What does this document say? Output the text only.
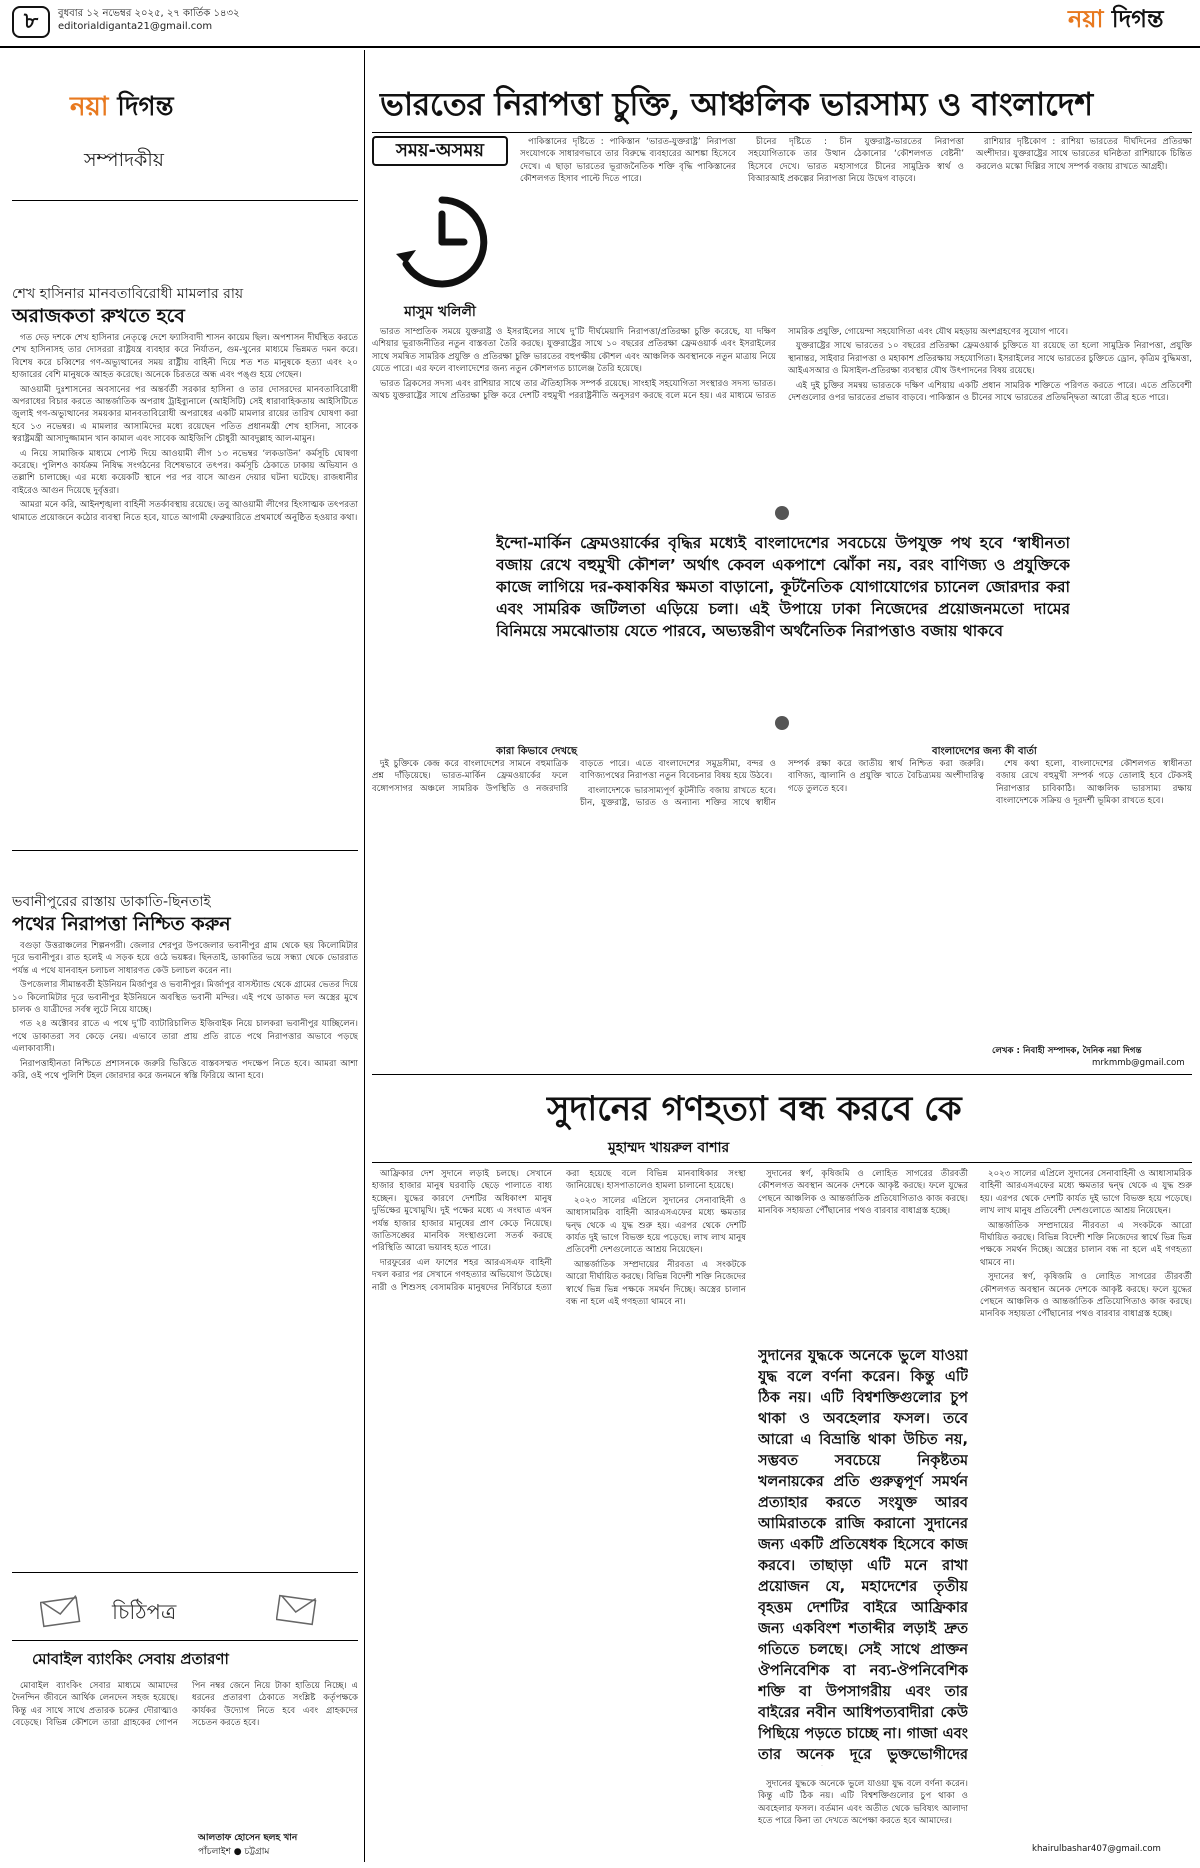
৮	বুধবার ১২ নভেম্বর ২০২৫, ২৭ কার্তিক ১৪৩২
editorialdiganta21@gmail.com	নয়া দিগন্ত
নয়া দিগন্ত
সম্পাদকীয়
শেখ হাসিনার মানবতাবিরোধী মামলার রায়
অরাজকতা রুখতে হবে

গত দেড় দশকে শেখ হাসিনার নেতৃত্বে দেশে ফ্যাসিবাদী শাসন কায়েম ছিল। অপশাসন দীর্ঘস্থিত করতে শেখ হাসিনাসহ তার দোসররা রাষ্ট্রযন্ত্র ব্যবহার করে নির্যাতন, গুম-খুনের মাধ্যমে ভিন্নমত দমন করে। বিশেষ করে চব্বিশের গণ-অভ্যুত্থানের সময় রাষ্ট্রীয় বাহিনী দিয়ে শত শত মানুষকে হত্যা এবং ২০ হাজারের বেশি মানুষকে আহত করেছে। অনেকে চিরতরে অন্ধ এবং পঙ্গু হয়ে গেছেন।

আওয়ামী দুঃশাসনের অবসানের পর অন্তর্বর্তী সরকার হাসিনা ও তার দোসরদের মানবতাবিরোধী অপরাধের বিচার করতে আন্তর্জাতিক অপরাধ ট্রাইব্যুনালে (আইসিটি) সেই ধারাবাহিকতায় আইসিটিতে জুলাই গণ-অভ্যুত্থানের সময়কার মানবতাবিরোধী অপরাধের একটি মামলার রায়ের তারিখ ঘোষণা করা হবে ১৩ নভেম্বর। এ মামলার আসামিদের মধ্যে রয়েছেন পতিত প্রধানমন্ত্রী শেখ হাসিনা, সাবেক স্বরাষ্ট্রমন্ত্রী আসাদুজ্জামান খান কামাল এবং সাবেক আইজিপি চৌধুরী আবদুল্লাহ আল-মামুন।

এ নিয়ে সামাজিক মাধ্যমে পোস্ট দিয়ে আওয়ামী লীগ ১৩ নভেম্বর ‘লকডাউন’ কর্মসূচি ঘোষণা করেছে। পুলিশও কার্যক্রম নিষিদ্ধ সংগঠনের বিশেষভাবে তৎপর। কর্মসূচি ঠেকাতে ঢাকায় অভিযান ও তল্লাশি চালাচ্ছে। এর মধ্যে কয়েকটি স্থানে পর পর বাসে আগুন দেয়ার ঘটনা ঘটেছে। রাজধানীর বাইরেও আগুন দিয়েছে দুর্বৃত্তরা।

আমরা মনে করি, আইনশৃঙ্খলা বাহিনী সতর্কাবস্থায় রয়েছে। তবু আওয়ামী লীগের হিংসাত্মক তৎপরতা থামাতে প্রয়োজনে কঠোর ব্যবস্থা নিতে হবে, যাতে আগামী ফেব্রুয়ারিতে প্রথমার্ধে অনুষ্ঠিত হওয়ার কথা।

ভবানীপুরের রাস্তায় ডাকাতি-ছিনতাই
পথের নিরাপত্তা নিশ্চিত করুন

বগুড়া উত্তরাঞ্চলের শিল্পনগরী। জেলার শেরপুর উপজেলার ভবানীপুর গ্রাম থেকে ছয় কিলোমিটার দূরে ভবানীপুর। রাত হলেই এ সড়ক হয়ে ওঠে ভয়ঙ্কর। ছিনতাই, ডাকাতির ভয়ে সন্ধ্যা থেকে ভোররাত পর্যন্ত এ পথে যানবাহন চলাচল সাধারণত কেউ চলাচল করেন না।

উপজেলার সীমান্তবর্তী ইউনিয়ন মির্জাপুর ও ভবানীপুর। মির্জাপুর বাসস্ট্যান্ড থেকে গ্রামের ভেতর দিয়ে ১০ কিলোমিটার দূরে ভবানীপুর ইউনিয়নে অবস্থিত ভবানী মন্দির। এই পথে ডাকাত দল অস্ত্রের মুখে চালক ও যাত্রীদের সর্বস্ব লুটে নিয়ে যাচ্ছে।

গত ২৪ অক্টোবর রাতে এ পথে দু’টি ব্যাটারিচালিত ইজিবাইক নিয়ে চালকরা ভবানীপুর যাচ্ছিলেন। পথে ডাকাতরা সব কেড়ে নেয়। এভাবে তারা প্রায় প্রতি রাতে পথে নিরাপত্তার অভাবে পড়ছে এলাকাবাসী।

নিরাপত্তাহীনতা নিশ্চিতে প্রশাসনকে জরুরি ভিত্তিতে বাস্তবসম্মত পদক্ষেপ নিতে হবে। আমরা আশা করি, ওই পথে পুলিশি টহল জোরদার করে জনমনে স্বস্তি ফিরিয়ে আনা হবে।

চিঠিপত্র
মোবাইল ব্যাংকিং সেবায় প্রতারণা

মোবাইল ব্যাংকিং সেবার মাধ্যমে আমাদের দৈনন্দিন জীবনে আর্থিক লেনদেন সহজ হয়েছে। কিন্তু এর সাথে সাথে প্রতারক চক্রের দৌরাত্ম্যও বেড়েছে। বিভিন্ন কৌশলে তারা গ্রাহকের গোপন পিন নম্বর জেনে নিয়ে টাকা হাতিয়ে নিচ্ছে। এ ধরনের প্রতারণা ঠেকাতে সংশ্লিষ্ট কর্তৃপক্ষকে কার্যকর উদ্যোগ নিতে হবে এবং গ্রাহকদের সচেতন করতে হবে।

আলতাফ হোসেন ছলহ খান
পাঁচলাইশ ● চট্টগ্রাম
ভারতের নিরাপত্তা চুক্তি, আঞ্চলিক ভারসাম্য ও বাংলাদেশ
সময়-অসময়
মাসুম খলিলী

ভারত সাম্প্রতিক সময়ে যুক্তরাষ্ট্র ও ইসরাইলের সাথে দু’টি দীর্ঘমেয়াদি নিরাপত্তা/প্রতিরক্ষা চুক্তি করেছে, যা দক্ষিণ এশিয়ার ভূরাজনীতির নতুন বাস্তবতা তৈরি করছে। যুক্তরাষ্ট্রের সাথে ১০ বছরের প্রতিরক্ষা ফ্রেমওয়ার্ক এবং ইসরাইলের সাথে সমন্বিত সামরিক প্রযুক্তি ও প্রতিরক্ষা চুক্তি ভারতের বহুপক্ষীয় কৌশল এবং আঞ্চলিক অবস্থানকে নতুন মাত্রায় নিয়ে যেতে পারে। এর ফলে বাংলাদেশের জন্য নতুন কৌশলগত চ্যালেঞ্জ তৈরি হয়েছে।

ভারত ব্রিকসের সদস্য এবং রাশিয়ার সাথে তার ঐতিহাসিক সম্পর্ক রয়েছে। সাংহাই সহযোগিতা সংস্থারও সদস্য ভারত। অথচ যুক্তরাষ্ট্রের সাথে প্রতিরক্ষা চুক্তি করে দেশটি বহুমুখী পররাষ্ট্রনীতি অনুসরণ করছে বলে মনে হয়। এর মাধ্যমে ভারত সামরিক প্রযুক্তি, গোয়েন্দা সহযোগিতা এবং যৌথ মহড়ায় অংশগ্রহণের সুযোগ পাবে।

যুক্তরাষ্ট্রের সাথে ভারতের ১০ বছরের প্রতিরক্ষা ফ্রেমওয়ার্ক চুক্তিতে যা রয়েছে তা হলো সামুদ্রিক নিরাপত্তা, প্রযুক্তি স্থানান্তর, সাইবার নিরাপত্তা ও মহাকাশ প্রতিরক্ষায় সহযোগিতা। ইসরাইলের সাথে ভারতের চুক্তিতে ড্রোন, কৃত্রিম বুদ্ধিমত্তা, আইএসআর ও মিসাইল-প্রতিরক্ষা ব্যবস্থার যৌথ উৎপাদনের বিষয় রয়েছে।

এই দুই চুক্তির সমন্বয় ভারতকে দক্ষিণ এশিয়ায় একটি প্রধান সামরিক শক্তিতে পরিণত করতে পারে। এতে প্রতিবেশী দেশগুলোর ওপর ভারতের প্রভাব বাড়বে। পাকিস্তান ও চীনের সাথে ভারতের প্রতিদ্বন্দ্বিতা আরো তীব্র হতে পারে।

পাকিস্তানের দৃষ্টিতে : পাকিস্তান ‘ভারত-যুক্তরাষ্ট্র’ নিরাপত্তা সংযোগকে সাধারণভাবে তার বিরুদ্ধে ব্যবহারের আশঙ্কা হিসেবে দেখে। এ ছাড়া ভারতের ভূরাজনৈতিক শক্তি বৃদ্ধি পাকিস্তানের কৌশলগত হিসাব পাল্টে দিতে পারে।

চীনের দৃষ্টিতে : চীন যুক্তরাষ্ট্র-ভারতের নিরাপত্তা সহযোগিতাকে তার উত্থান ঠেকানোর ‘কৌশলগত বেষ্টনী’ হিসেবে দেখে। ভারত মহাসাগরে চীনের সামুদ্রিক স্বার্থ ও বিআরআই প্রকল্পের নিরাপত্তা নিয়ে উদ্বেগ বাড়বে।

রাশিয়ার দৃষ্টিকোণ : রাশিয়া ভারতের দীর্ঘদিনের প্রতিরক্ষা অংশীদার। যুক্তরাষ্ট্রের সাথে ভারতের ঘনিষ্ঠতা রাশিয়াকে চিন্তিত করলেও মস্কো দিল্লির সাথে সম্পর্ক বজায় রাখতে আগ্রহী।

ইন্দো-মার্কিন ফ্রেমওয়ার্কের বৃদ্ধির মধ্যেই বাংলাদেশের সবচেয়ে উপযুক্ত পথ হবে ‘স্বাধীনতা বজায় রেখে বহুমুখী কৌশল’ অর্থাৎ কেবল একপাশে ঝোঁকা নয়, বরং বাণিজ্য ও প্রযুক্তিকে কাজে লাগিয়ে দর-কষাকষির ক্ষমতা বাড়ানো, কূটনৈতিক যোগাযোগের চ্যানেল জোরদার করা এবং সামরিক জটিলতা এড়িয়ে চলা। এই উপায়ে ঢাকা নিজেদের প্রয়োজনমতো দামের বিনিময়ে সমঝোতায় যেতে পারবে, অভ্যন্তরীণ অর্থনৈতিক নিরাপত্তাও বজায় থাকবে
কারা কিভাবে দেখছে	বাংলাদেশের জন্য কী বার্তা

দুই চুক্তিকে কেন্দ্র করে বাংলাদেশের সামনে বহুমাত্রিক প্রশ্ন দাঁড়িয়েছে। ভারত-মার্কিন ফ্রেমওয়ার্কের ফলে বঙ্গোপসাগর অঞ্চলে সামরিক উপস্থিতি ও নজরদারি বাড়তে পারে। এতে বাংলাদেশের সমুদ্রসীমা, বন্দর ও বাণিজ্যপথের নিরাপত্তা নতুন বিবেচনার বিষয় হয়ে উঠবে।

বাংলাদেশকে ভারসাম্যপূর্ণ কূটনীতি বজায় রাখতে হবে। চীন, যুক্তরাষ্ট্র, ভারত ও অন্যান্য শক্তির সাথে স্বাধীন সম্পর্ক রক্ষা করে জাতীয় স্বার্থ নিশ্চিত করা জরুরি। বাণিজ্য, জ্বালানি ও প্রযুক্তি খাতে বৈচিত্র্যময় অংশীদারিত্ব গড়ে তুলতে হবে।

শেষ কথা হলো, বাংলাদেশের কৌশলগত স্বাধীনতা বজায় রেখে বহুমুখী সম্পর্ক গড়ে তোলাই হবে টেকসই নিরাপত্তার চাবিকাঠি। আঞ্চলিক ভারসাম্য রক্ষায় বাংলাদেশকে সক্রিয় ও দূরদর্শী ভূমিকা রাখতে হবে।

লেখক : নিবাহী সম্পাদক, দৈনিক নয়া দিগন্ত
mrkmmb@gmail.com
সুদানের গণহত্যা বন্ধ করবে কে
মুহাম্মদ খায়রুল বাশার

আফ্রিকার দেশ সুদানে লড়াই চলছে। সেখানে হাজার হাজার মানুষ ঘরবাড়ি ছেড়ে পালাতে বাধ্য হচ্ছেন। যুদ্ধের কারণে দেশটির অধিকাংশ মানুষ দুর্ভিক্ষের মুখোমুখি। দুই পক্ষের মধ্যে এ সংঘাত এখন পর্যন্ত হাজার হাজার মানুষের প্রাণ কেড়ে নিয়েছে। জাতিসঙ্ঘের মানবিক সংস্থাগুলো সতর্ক করছে পরিস্থিতি আরো ভয়াবহ হতে পারে।

দারফুরের এল ফাশের শহর আরএসএফ বাহিনী দখল করার পর সেখানে গণহত্যার অভিযোগ উঠেছে। নারী ও শিশুসহ বেসামরিক মানুষদের নির্বিচারে হত্যা করা হয়েছে বলে বিভিন্ন মানবাধিকার সংস্থা জানিয়েছে। হাসপাতালেও হামলা চালানো হয়েছে।

২০২৩ সালের এপ্রিলে সুদানের সেনাবাহিনী ও আধাসামরিক বাহিনী আরএসএফের মধ্যে ক্ষমতার দ্বন্দ্ব থেকে এ যুদ্ধ শুরু হয়। এরপর থেকে দেশটি কার্যত দুই ভাগে বিভক্ত হয়ে পড়েছে। লাখ লাখ মানুষ প্রতিবেশী দেশগুলোতে আশ্রয় নিয়েছেন।

আন্তর্জাতিক সম্প্রদায়ের নীরবতা এ সংকটকে আরো দীর্ঘায়িত করছে। বিভিন্ন বিদেশী শক্তি নিজেদের স্বার্থে ভিন্ন ভিন্ন পক্ষকে সমর্থন দিচ্ছে। অস্ত্রের চালান বন্ধ না হলে এই গণহত্যা থামবে না।

সুদানের স্বর্ণ, কৃষিজমি ও লোহিত সাগরের তীরবর্তী কৌশলগত অবস্থান অনেক দেশকে আকৃষ্ট করছে। ফলে যুদ্ধের পেছনে আঞ্চলিক ও আন্তর্জাতিক প্রতিযোগিতাও কাজ করছে। মানবিক সহায়তা পৌঁছানোর পথও বারবার বাধাগ্রস্ত হচ্ছে।

সুদানের যুদ্ধকে অনেকে ভুলে যাওয়া যুদ্ধ বলে বর্ণনা করেন। কিন্তু এটি ঠিক নয়। এটি বিশ্বশক্তিগুলোর চুপ থাকা ও অবহেলার ফসল। তবে আরো এ বিভ্রান্তি থাকা উচিত নয়, সম্ভবত সবচেয়ে নিকৃষ্টতম খলনায়কের প্রতি গুরুত্বপূর্ণ সমর্থন প্রত্যাহার করতে সংযুক্ত আরব আমিরাতকে রাজি করানো সুদানের জন্য একটি প্রতিষেধক হিসেবে কাজ করবে। তাছাড়া এটি মনে রাখা প্রয়োজন যে, মহাদেশের তৃতীয় বৃহত্তম দেশটির বাইরে আফ্রিকার জন্য একবিংশ শতাব্দীর লড়াই দ্রুত গতিতে চলছে। সেই সাথে প্রাক্তন ঔপনিবেশিক বা নব্য-ঔপনিবেশিক শক্তি বা উপসাগরীয় এবং তার বাইরের নবীন আধিপত্যবাদীরা কেউ পিছিয়ে পড়তে চাচ্ছে না। গাজা এবং তার অনেক দূরে ভুক্তভোগীদের

সুদানের যুদ্ধকে অনেকে ভুলে যাওয়া যুদ্ধ বলে বর্ণনা করেন। কিন্তু এটি ঠিক নয়। এটি বিশ্বশক্তিগুলোর চুপ থাকা ও অবহেলার ফসল। বর্তমান এবং অতীত থেকে ভবিষ্যৎ আলাদা হতে পারে কিনা তা দেখতে অপেক্ষা করতে হবে আমাদের।

২০২৩ সালের এপ্রিলে সুদানের সেনাবাহিনী ও আধাসামরিক বাহিনী আরএসএফের মধ্যে ক্ষমতার দ্বন্দ্ব থেকে এ যুদ্ধ শুরু হয়। এরপর থেকে দেশটি কার্যত দুই ভাগে বিভক্ত হয়ে পড়েছে। লাখ লাখ মানুষ প্রতিবেশী দেশগুলোতে আশ্রয় নিয়েছেন।

আন্তর্জাতিক সম্প্রদায়ের নীরবতা এ সংকটকে আরো দীর্ঘায়িত করছে। বিভিন্ন বিদেশী শক্তি নিজেদের স্বার্থে ভিন্ন ভিন্ন পক্ষকে সমর্থন দিচ্ছে। অস্ত্রের চালান বন্ধ না হলে এই গণহত্যা থামবে না।

সুদানের স্বর্ণ, কৃষিজমি ও লোহিত সাগরের তীরবর্তী কৌশলগত অবস্থান অনেক দেশকে আকৃষ্ট করছে। ফলে যুদ্ধের পেছনে আঞ্চলিক ও আন্তর্জাতিক প্রতিযোগিতাও কাজ করছে। মানবিক সহায়তা পৌঁছানোর পথও বারবার বাধাগ্রস্ত হচ্ছে।

khairulbashar407@gmail.com
